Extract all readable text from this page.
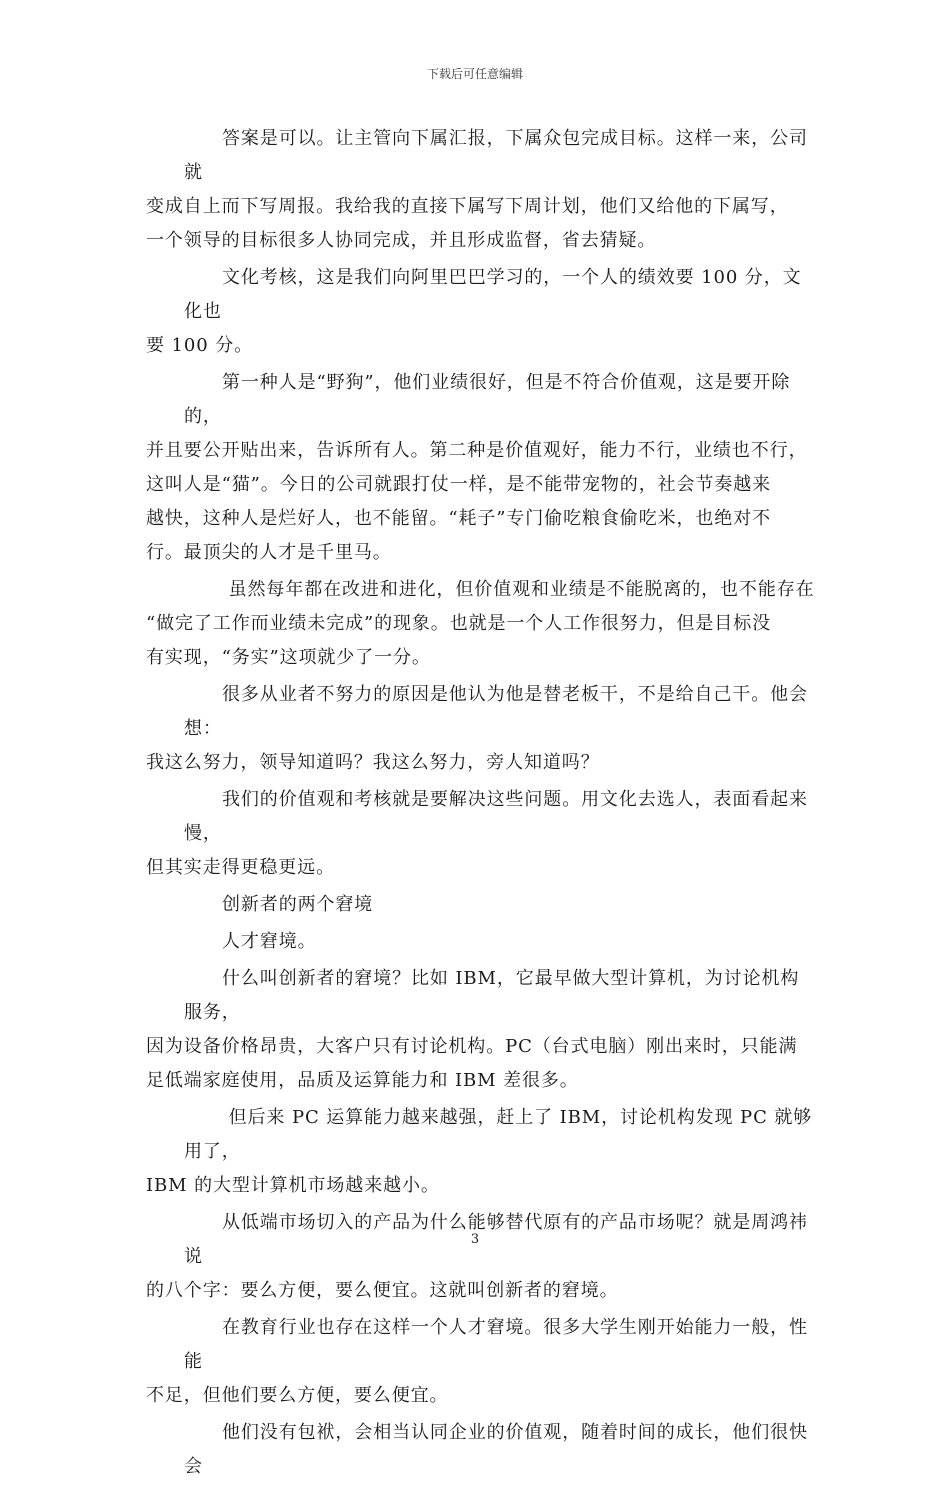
下载后可任意编辑
答案是可以。让主管向下属汇报，下属众包完成目标。这样一来，公司就
变成自上而下写周报。我给我的直接下属写下周计划，他们又给他的下属写，
一个领导的目标很多人协同完成，并且形成监督，省去猜疑。
文化考核，这是我们向阿里巴巴学习的，一个人的绩效要 100 分，文化也
要 100 分。
第一种人是“野狗”，他们业绩很好，但是不符合价值观，这是要开除的，
并且要公开贴出来，告诉所有人。第二种是价值观好，能力不行，业绩也不行，
这叫人是“猫”。今日的公司就跟打仗一样，是不能带宠物的，社会节奏越来
越快，这种人是烂好人，也不能留。“耗子”专门偷吃粮食偷吃米，也绝对不
行。最顶尖的人才是千里马。
虽然每年都在改进和进化，但价值观和业绩是不能脱离的，也不能存在
“做完了工作而业绩未完成”的现象。也就是一个人工作很努力，但是目标没
有实现，“务实”这项就少了一分。
很多从业者不努力的原因是他认为他是替老板干，不是给自己干。他会想：
我这么努力，领导知道吗？我这么努力，旁人知道吗？
我们的价值观和考核就是要解决这些问题。用文化去选人，表面看起来慢，
但其实走得更稳更远。
创新者的两个窘境
人才窘境。
什么叫创新者的窘境？比如 IBM，它最早做大型计算机，为讨论机构服务，
因为设备价格昂贵，大客户只有讨论机构。PC（台式电脑）刚出来时，只能满
足低端家庭使用，品质及运算能力和 IBM 差很多。
但后来 PC 运算能力越来越强，赶上了 IBM，讨论机构发现 PC 就够用了，
IBM 的大型计算机市场越来越小。
从低端市场切入的产品为什么能够替代原有的产品市场呢？就是周鸿祎说
的八个字：要么方便，要么便宜。这就叫创新者的窘境。
在教育行业也存在这样一个人才窘境。很多大学生刚开始能力一般，性能
不足，但他们要么方便，要么便宜。
他们没有包袱，会相当认同企业的价值观，随着时间的成长，他们很快会
3
